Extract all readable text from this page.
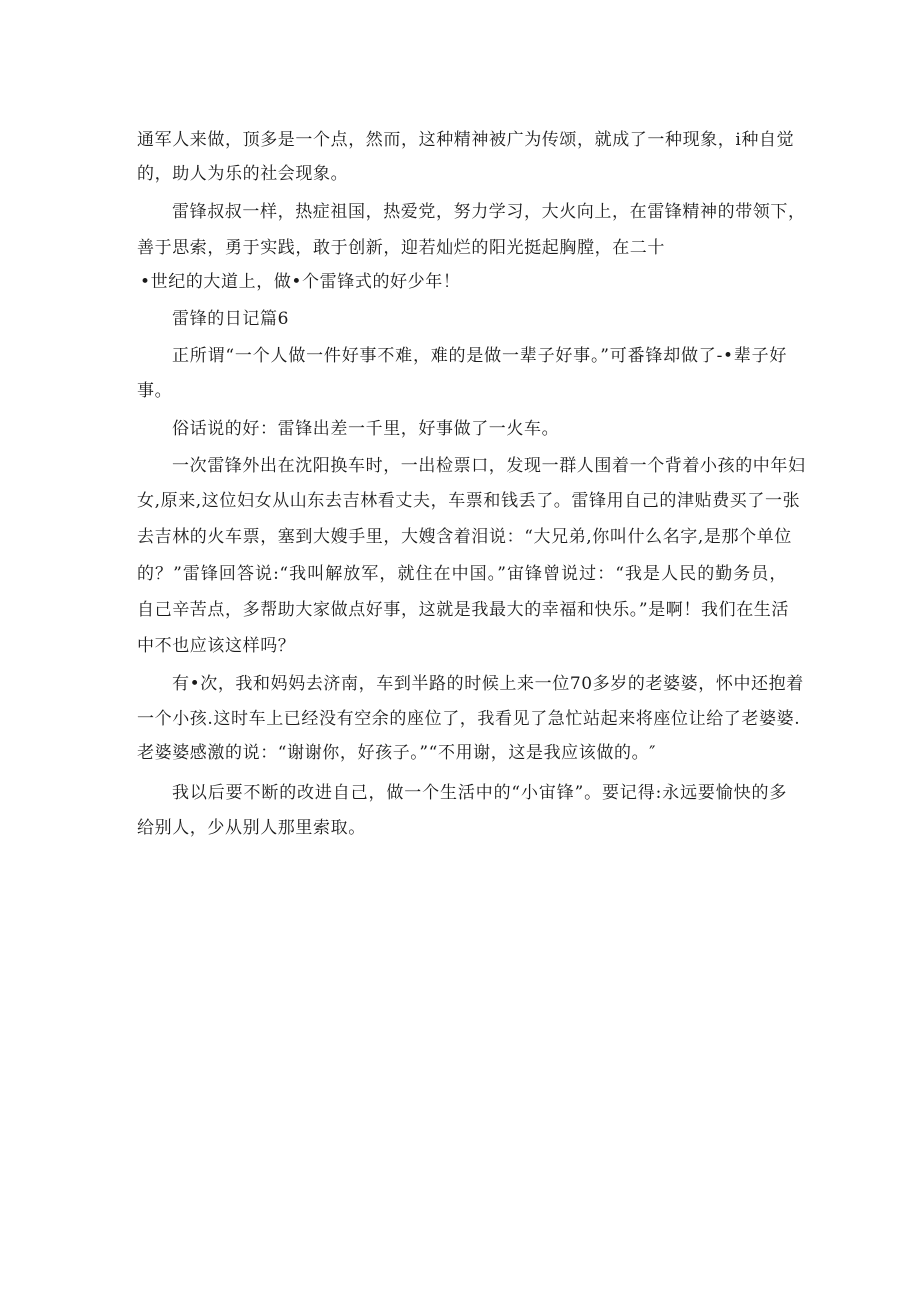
通军人来做，顶多是一个点，然而，这种精神被广为传颂，就成了一种现象，i种自觉
的，助人为乐的社会现象。
雷锋叔叔一样，热症祖国，热爱党，努力学习，大火向上，在雷锋精神的带领下，
善于思索，勇于实践，敢于创新，迎若灿烂的阳光挺起胸膛，在二十
•世纪的大道上，做•个雷锋式的好少年！
雷锋的日记篇6
正所谓“一个人做一件好事不难，难的是做一辈子好事。”可番锋却做了-•辈子好
事。
俗话说的好：雷锋出差一千里，好事做了一火车。
一次雷锋外出在沈阳换车时，一出检票口，发现一群人围着一个背着小孩的中年妇
女,原来,这位妇女从山东去吉林看丈夫，车票和钱丢了。雷锋用自己的津贴费买了一张
去吉林的火车票，塞到大嫂手里，大嫂含着泪说：“大兄弟,你叫什么名字,是那个单位
的？”雷锋回答说:“我叫解放军，就住在中国。”宙锋曾说过：“我是人民的勤务员，
自己辛苦点，多帮助大家做点好事，这就是我最大的幸福和快乐。”是啊！我们在生活
中不也应该这样吗？
有•次，我和妈妈去济南，车到半路的时候上来一位70多岁的老婆婆，怀中还抱着
一个小孩.这时车上已经没有空余的座位了，我看见了急忙站起来将座位让给了老婆婆.
老婆婆感激的说：“谢谢你，好孩子。”“不用谢，这是我应该做的。″
我以后要不断的改进自己，做一个生活中的“小宙锋”。要记得:永远要愉快的多
给别人，少从别人那里索取。
